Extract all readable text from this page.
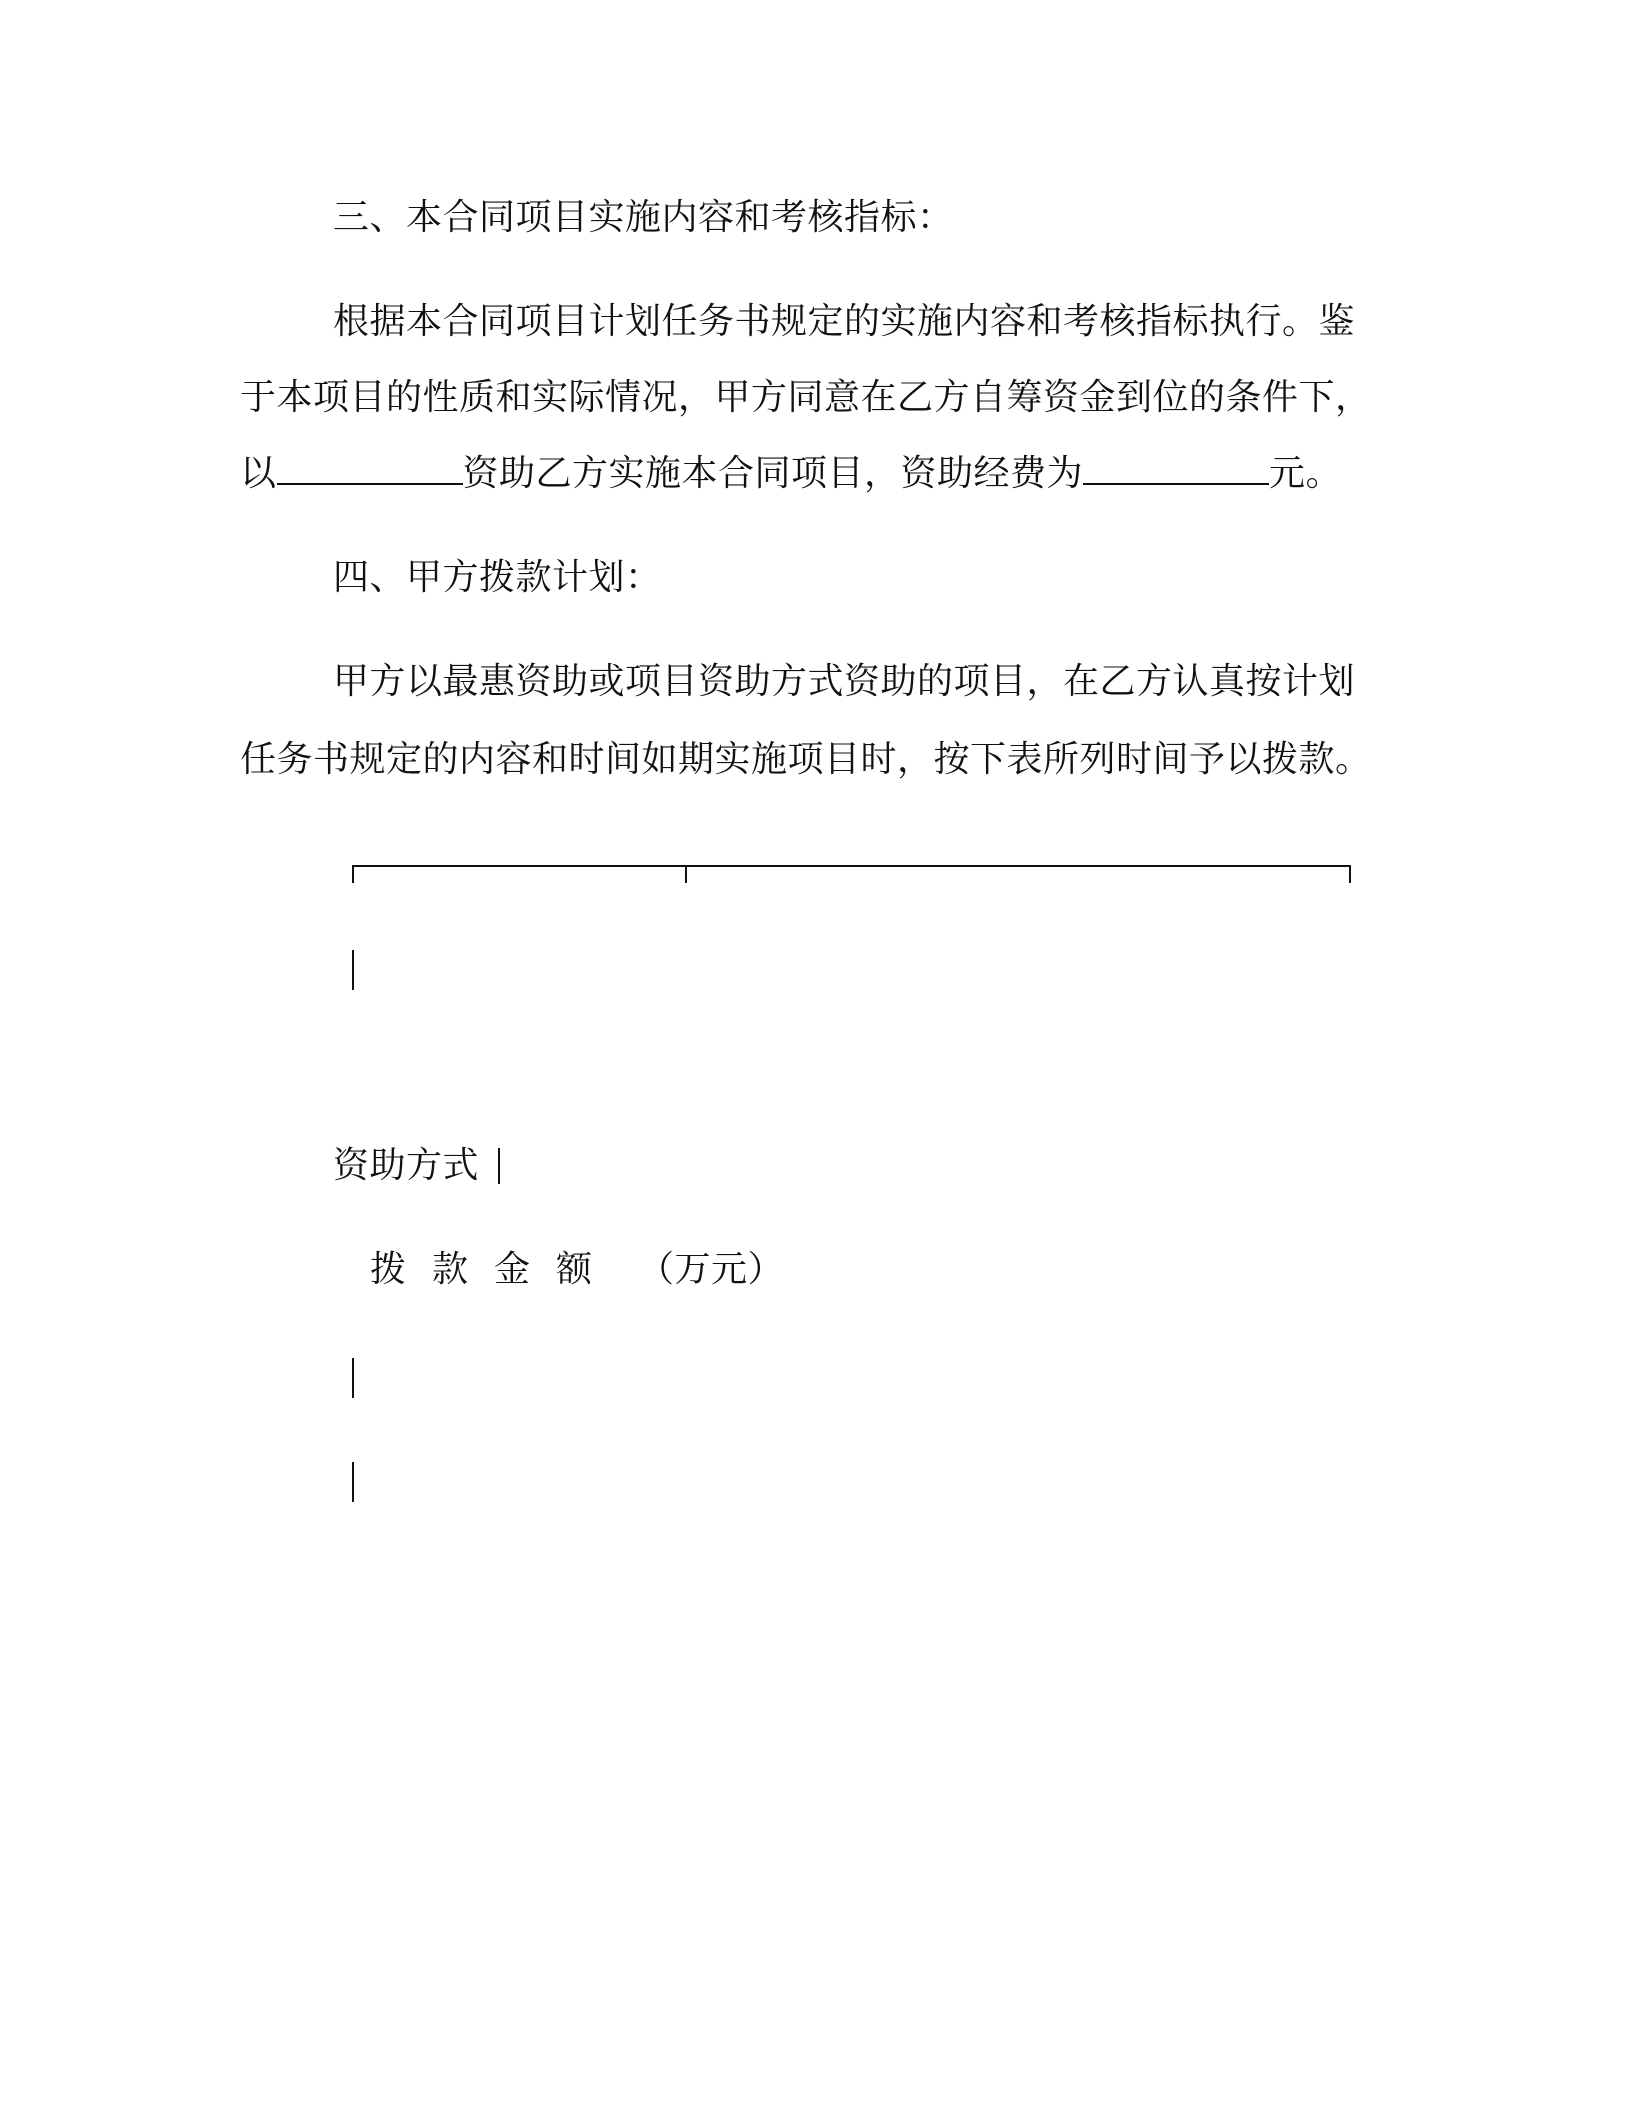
三、本合同项目实施内容和考核指标：
根据本合同项目计划任务书规定的实施内容和考核指标执行。鉴
于本项目的性质和实际情况，甲方同意在乙方自筹资金到位的条件下，
以	资助乙方实施本合同项目，资助经费为	元。
四、甲方拨款计划：
甲方以最惠资助或项目资助方式资助的项目，在乙方认真按计划
任务书规定的内容和时间如期实施项目时，按下表所列时间予以拨款。
资助方式
拨款金额 （万元）
